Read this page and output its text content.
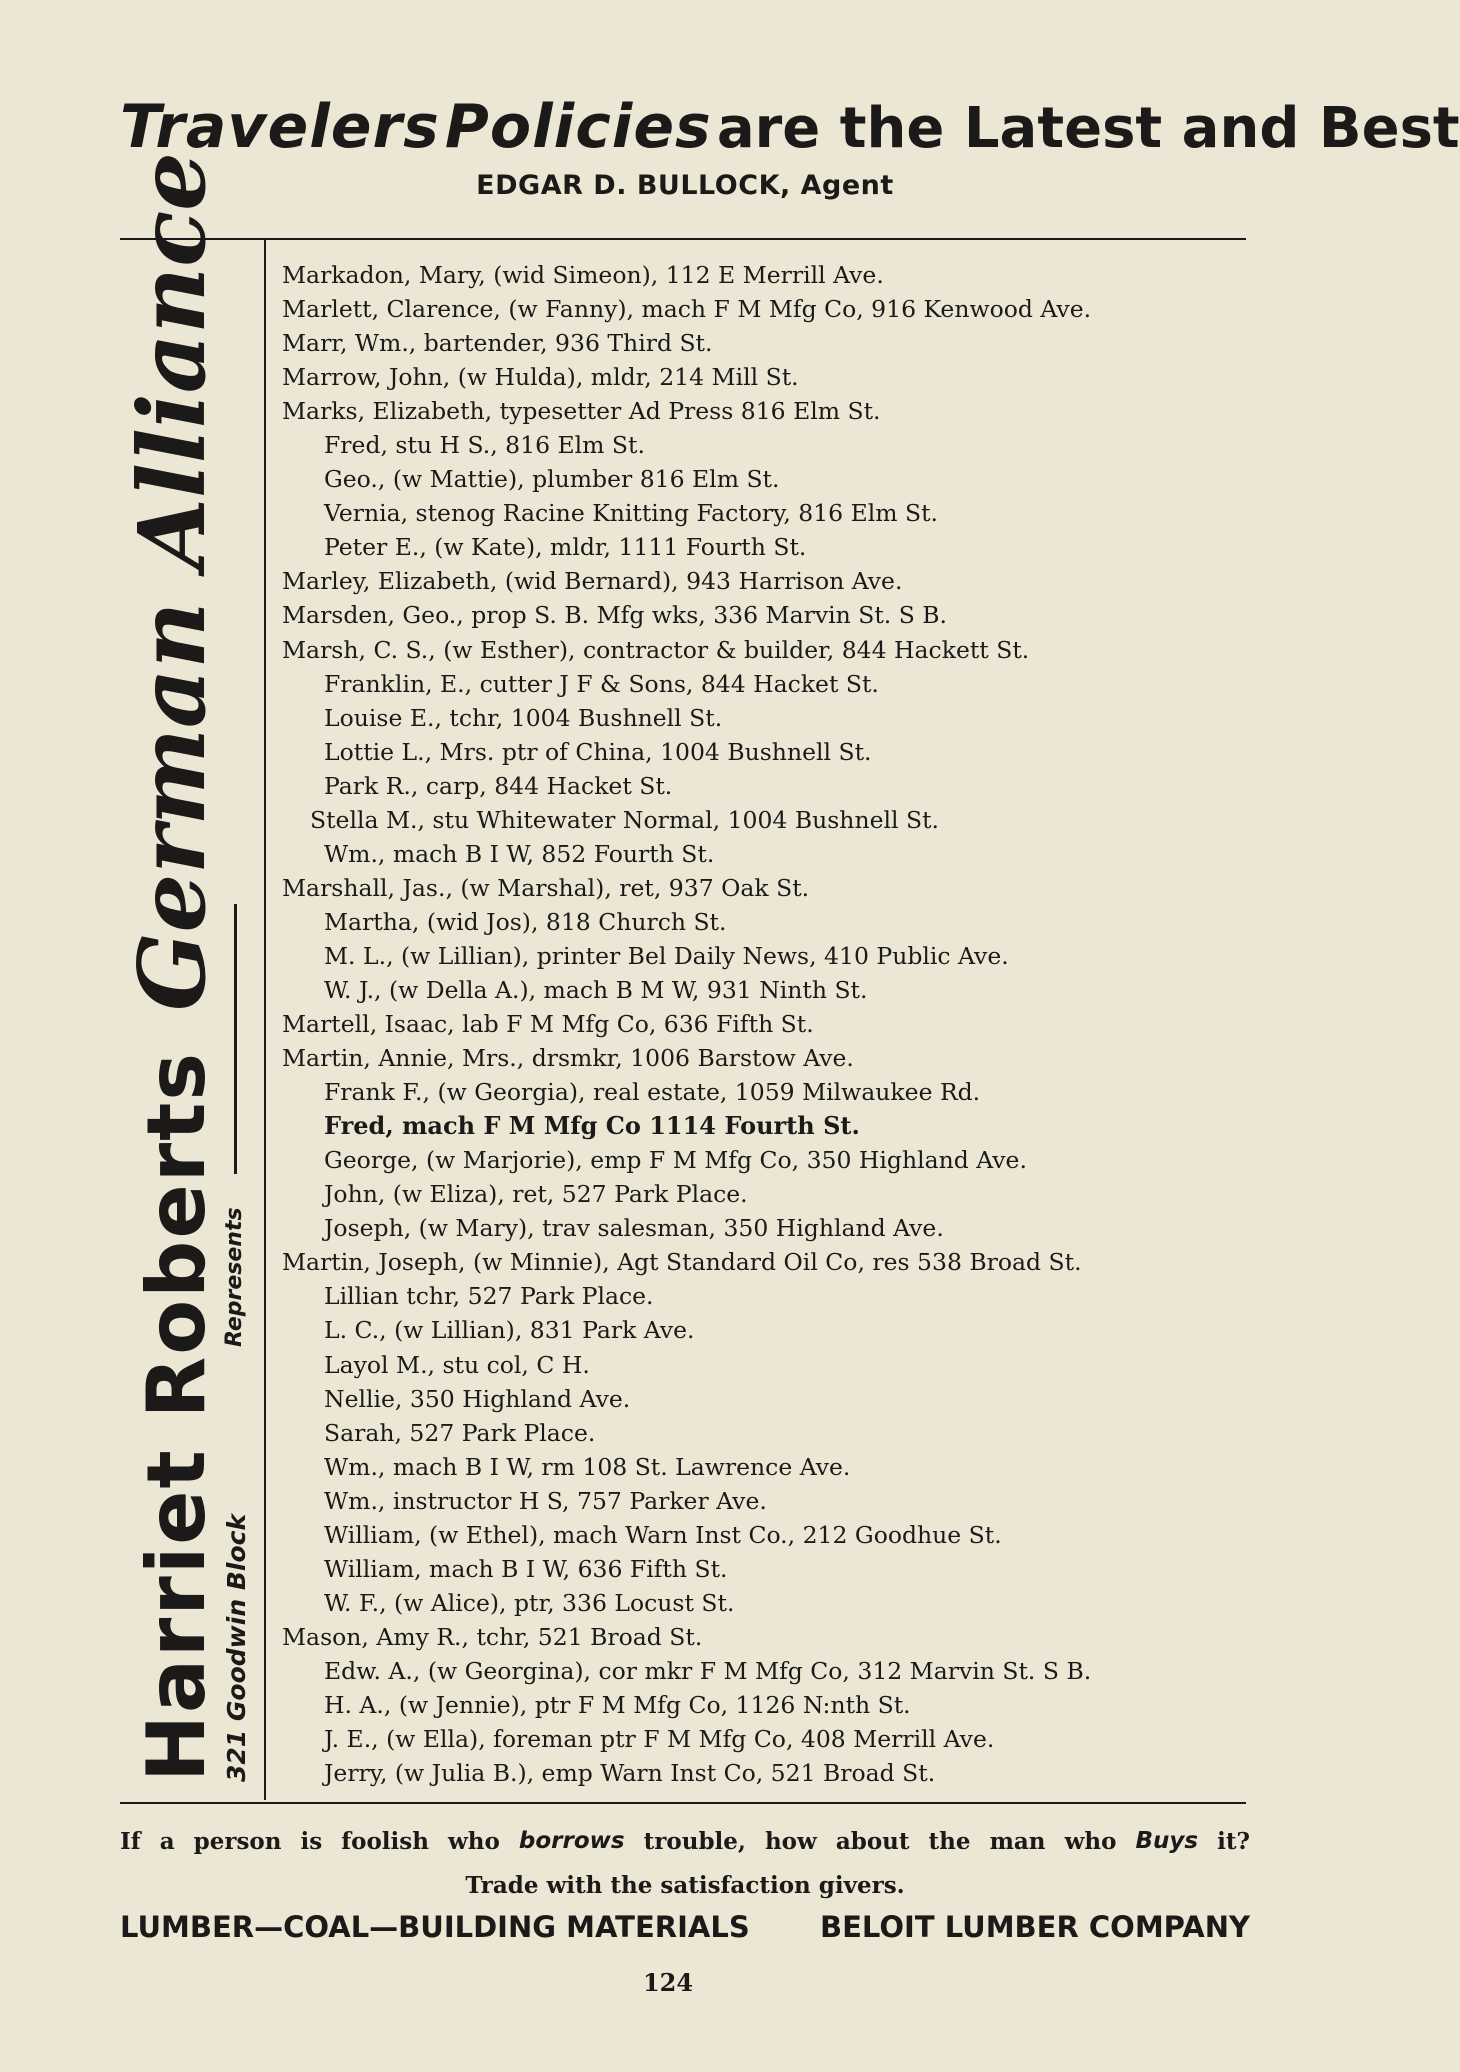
Travelers Policies are the Latest and Best
EDGAR D. BULLOCK, Agent
Harriet RobertsGerman Alliance
321 Goodwin Block
Represents
Markadon, Mary, (wid Simeon), 112 E Merrill Ave.
Marlett, Clarence, (w Fanny), mach F M Mfg Co, 916 Kenwood Ave.
Marr, Wm., bartender, 936 Third St.
Marrow, John, (w Hulda), mldr, 214 Mill St.
Marks, Elizabeth, typesetter Ad Press 816 Elm St.
Fred, stu H S., 816 Elm St.
Geo., (w Mattie), plumber 816 Elm St.
Vernia, stenog Racine Knitting Factory, 816 Elm St.
Peter E., (w Kate), mldr, 1111 Fourth St.
Marley, Elizabeth, (wid Bernard), 943 Harrison Ave.
Marsden, Geo., prop S. B. Mfg wks, 336 Marvin St. S B.
Marsh, C. S., (w Esther), contractor & builder, 844 Hackett St.
Franklin, E., cutter J F & Sons, 844 Hacket St.
Louise E., tchr, 1004 Bushnell St.
Lottie L., Mrs. ptr of China, 1004 Bushnell St.
Park R., carp, 844 Hacket St.
Stella M., stu Whitewater Normal, 1004 Bushnell St.
Wm., mach B I W, 852 Fourth St.
Marshall, Jas., (w Marshal), ret, 937 Oak St.
Martha, (wid Jos), 818 Church St.
M. L., (w Lillian), printer Bel Daily News, 410 Public Ave.
W. J., (w Della A.), mach B M W, 931 Ninth St.
Martell, Isaac, lab F M Mfg Co, 636 Fifth St.
Martin, Annie, Mrs., drsmkr, 1006 Barstow Ave.
Frank F., (w Georgia), real estate, 1059 Milwaukee Rd.
Fred, mach F M Mfg Co 1114 Fourth St.
George, (w Marjorie), emp F M Mfg Co, 350 Highland Ave.
John, (w Eliza), ret, 527 Park Place.
Joseph, (w Mary), trav salesman, 350 Highland Ave.
Martin, Joseph, (w Minnie), Agt Standard Oil Co, res 538 Broad St.
Lillian tchr, 527 Park Place.
L. C., (w Lillian), 831 Park Ave.
Layol M., stu col, C H.
Nellie, 350 Highland Ave.
Sarah, 527 Park Place.
Wm., mach B I W, rm 108 St. Lawrence Ave.
Wm., instructor H S, 757 Parker Ave.
William, (w Ethel), mach Warn Inst Co., 212 Goodhue St.
William, mach B I W, 636 Fifth St.
W. F., (w Alice), ptr, 336 Locust St.
Mason, Amy R., tchr, 521 Broad St.
Edw. A., (w Georgina), cor mkr F M Mfg Co, 312 Marvin St. S B.
H. A., (w Jennie), ptr F M Mfg Co, 1126 N:nth St.
J. E., (w Ella), foreman ptr F M Mfg Co, 408 Merrill Ave.
Jerry, (w Julia B.), emp Warn Inst Co, 521 Broad St.
If a person is foolish who borrows trouble, how about the man who Buys it?
Trade with the satisfaction givers.
LUMBER—COAL—BUILDING MATERIALS BELOIT LUMBER COMPANY
124
